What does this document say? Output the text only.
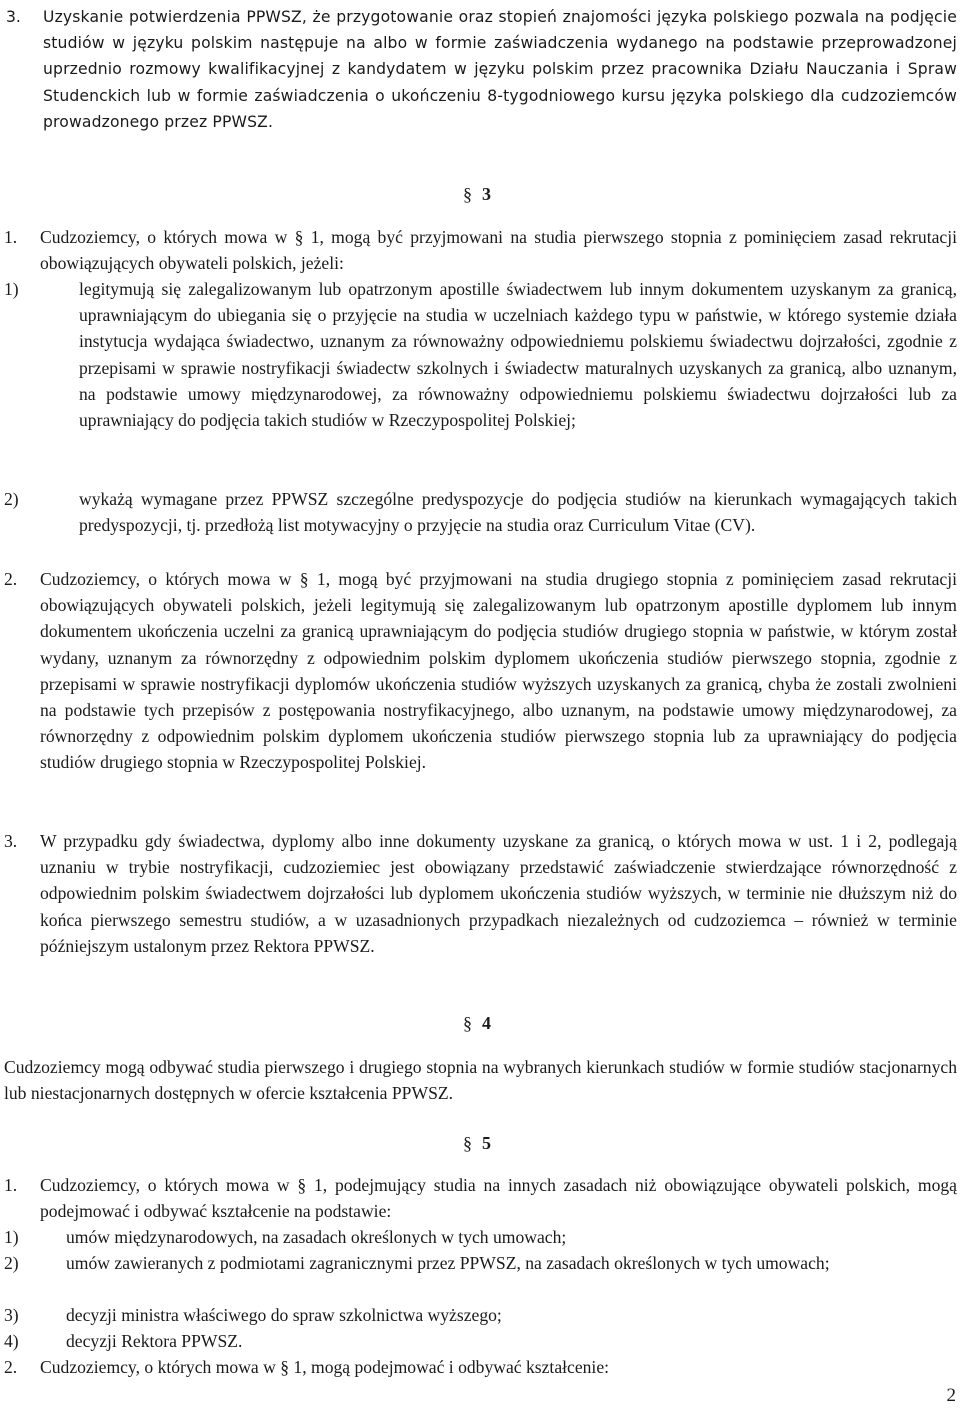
3. Uzyskanie potwierdzenia PPWSZ, że przygotowanie oraz stopień znajomości języka polskiego pozwala na podjęcie studiów w języku polskim następuje na albo w formie zaświadczenia wydanego na podstawie przeprowadzonej uprzednio rozmowy kwalifikacyjnej z kandydatem w języku polskim przez pracownika Działu Nauczania i Spraw Studenckich lub w formie zaświadczenia o ukończeniu 8-tygodniowego kursu języka polskiego dla cudzoziemców prowadzonego przez PPWSZ.

§ 3
1. Cudzoziemcy, o których mowa w § 1, mogą być przyjmowani na studia pierwszego stopnia z pominięciem zasad rekrutacji obowiązujących obywateli polskich, jeżeli:

1)	legitymują się zalegalizowanym lub opatrzonym apostille świadectwem lub innym dokumentem uzyskanym za granicą, uprawniającym do ubiegania się o przyjęcie na studia w uczelniach każdego typu w państwie, w którego systemie działa instytucja wydająca świadectwo, uznanym za równoważny odpowiedniemu polskiemu świadectwu dojrzałości, zgodnie z przepisami w sprawie nostryfikacji świadectw szkolnych i świadectw maturalnych uzyskanych za granicą, albo uznanym, na podstawie umowy międzynarodowej, za równoważny odpowiedniemu polskiemu świadectwu dojrzałości lub za uprawniający do podjęcia takich studiów w Rzeczypospolitej Polskiej;

2)	wykażą wymagane przez PPWSZ szczególne predyspozycje do podjęcia studiów na kierunkach wymagających takich predyspozycji, tj. przedłożą list motywacyjny o przyjęcie na studia oraz Curriculum Vitae (CV).

2. Cudzoziemcy, o których mowa w § 1, mogą być przyjmowani na studia drugiego stopnia z pominięciem zasad rekrutacji obowiązujących obywateli polskich, jeżeli legitymują się zalegalizowanym lub opatrzonym apostille dyplomem lub innym dokumentem ukończenia uczelni za granicą uprawniającym do podjęcia studiów drugiego stopnia w państwie, w którym został wydany, uznanym za równorzędny z odpowiednim polskim dyplomem ukończenia studiów pierwszego stopnia, zgodnie z przepisami w sprawie nostryfikacji dyplomów ukończenia studiów wyższych uzyskanych za granicą, chyba że zostali zwolnieni na podstawie tych przepisów z postępowania nostryfikacyjnego, albo uznanym, na podstawie umowy międzynarodowej, za równorzędny z odpowiednim polskim dyplomem ukończenia studiów pierwszego stopnia lub za uprawniający do podjęcia studiów drugiego stopnia w Rzeczypospolitej Polskiej.

3. W przypadku gdy świadectwa, dyplomy albo inne dokumenty uzyskane za granicą, o których mowa w ust. 1 i 2, podlegają uznaniu w trybie nostryfikacji, cudzoziemiec jest obowiązany przedstawić zaświadczenie stwierdzające równorzędność z odpowiednim polskim świadectwem dojrzałości lub dyplomem ukończenia studiów wyższych, w terminie nie dłuższym niż do końca pierwszego semestru studiów, a w uzasadnionych przypadkach niezależnych od cudzoziemca – również w terminie późniejszym ustalonym przez Rektora PPWSZ.

§ 4

Cudzoziemcy mogą odbywać studia pierwszego i drugiego stopnia na wybranych kierunkach studiów w formie studiów stacjonarnych lub niestacjonarnych dostępnych w ofercie kształcenia PPWSZ.

§ 5
1. Cudzoziemcy, o których mowa w § 1, podejmujący studia na innych zasadach niż obowiązujące obywateli polskich, mogą podejmować i odbywać kształcenie na podstawie:

1)	umów międzynarodowych, na zasadach określonych w tych umowach;

2)	umów zawieranych z podmiotami zagranicznymi przez PPWSZ, na zasadach określonych w tych umowach;

3)	decyzji ministra właściwego do spraw szkolnictwa wyższego;

4)	decyzji Rektora PPWSZ.

2. Cudzoziemcy, o których mowa w § 1, mogą podejmować i odbywać kształcenie:

2
